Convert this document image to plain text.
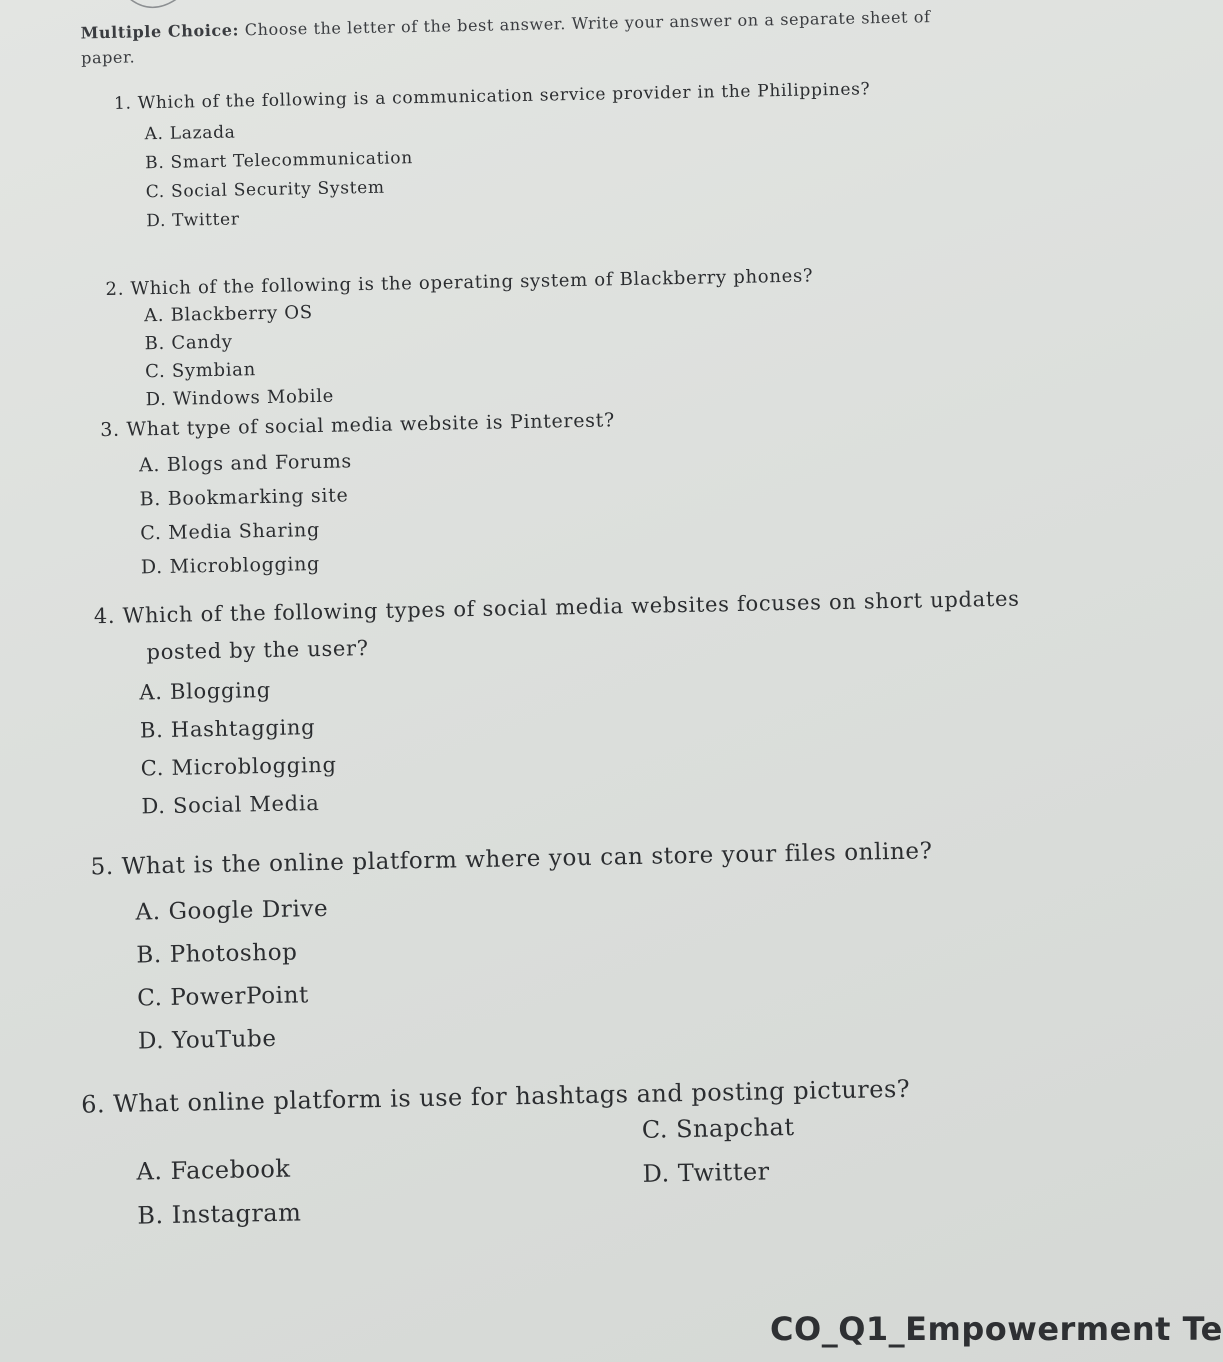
Multiple Choice: Choose the letter of the best answer. Write your answer on a separate sheet of paper.
1. Which of the following is a communication service provider in the Philippines?
A. Lazada
B. Smart Telecommunication
C. Social Security System
D. Twitter
2. Which of the following is the operating system of Blackberry phones?
A. Blackberry OS
B. Candy
C. Symbian
D. Windows Mobile
3. What type of social media website is Pinterest?
A. Blogs and Forums
B. Bookmarking site
C. Media Sharing
D. Microblogging
4. Which of the following types of social media websites focuses on short updates posted by the user?
A. Blogging
B. Hashtagging
C. Microblogging
D. Social Media
5. What is the online platform where you can store your files online?
A. Google Drive
B. Photoshop
C. PowerPoint
D. YouTube
6. What online platform is use for hashtags and posting pictures?
A. Facebook
B. Instagram
C. Snapchat
D. Twitter
CO_Q1_Empowerment Te
